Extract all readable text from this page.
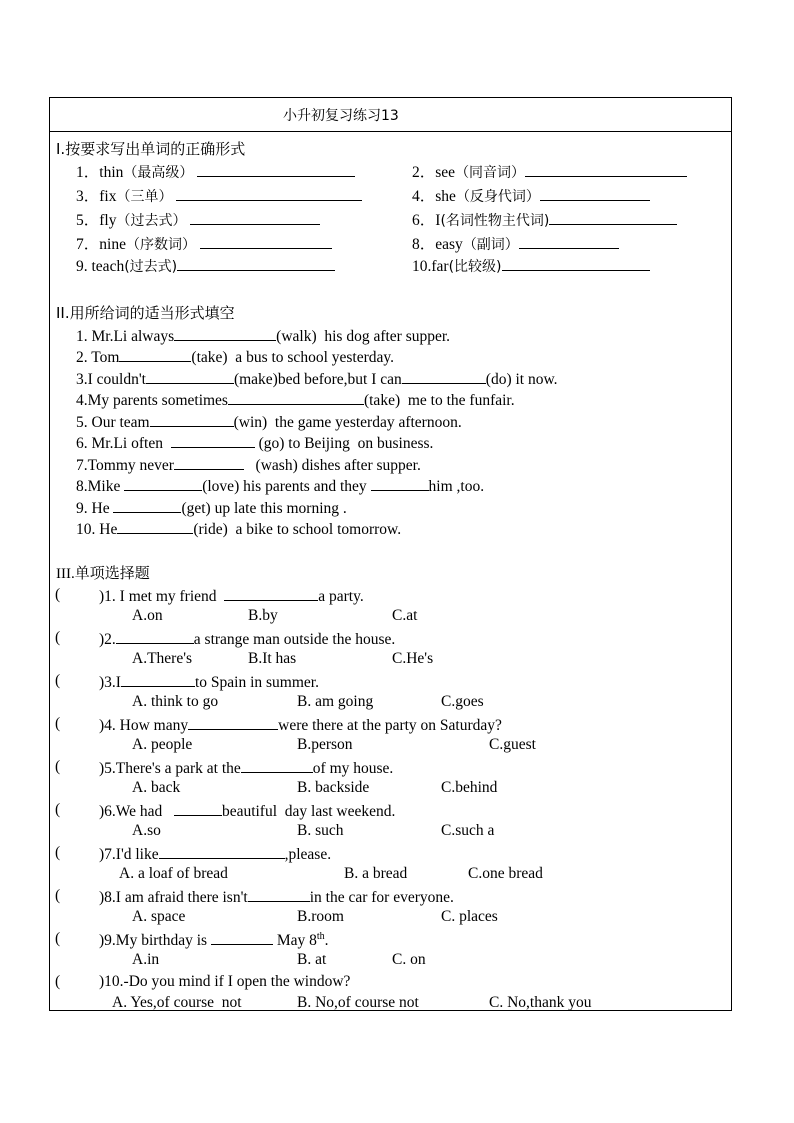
小升初复习练习13
I.按要求写出单词的正确形式
1．thin（最高级）	2．see（同音词）
3．fix（三单）	4．she（反身代词）
5．fly（过去式）	6．I(名词性物主代词)
7．nine（序数词）	8．easy（副词）
9. teach(过去式)	10.far(比较级)
II.用所给词的适当形式填空
1. Mr.Li always	(walk)  his dog after supper.
2. Tom	(take)  a bus to school yesterday.
3.I couldn't	(make)bed before,but I can	(do) it now.
4.My parents sometimes	(take)  me to the funfair.
5. Our team	(win)  the game yesterday afternoon.
6. Mr.Li often	(go) to Beijing  on business.
7.Tommy never	(wash) dishes after supper.
8.Mike	(love) his parents and they	him ,too.
9. He	(get) up late this morning .
10. He	(ride)  a bike to school tomorrow.
III.单项选择题
(	)1. I met my friend	a party.
A.on	B.by	C.at
(	)2.	a strange man outside the house.
A.There's	B.It has	C.He's
(	)3.I	to Spain in summer.
A. think to go	B. am going	C.goes
(	)4. How many	were there at the party on Saturday?
A. people	B.person	C.guest
(	)5.There's a park at the	of my house.
A. back	B. backside	C.behind
(	)6.We had	beautiful  day last weekend.
A.so	B. such	C.such a
(	)7.I'd like	,please.
A. a loaf of bread	B. a bread	C.one bread
(	)8.I am afraid there isn't	in the car for everyone.
A. space	B.room	C. places
(	)9.My birthday is	May 8th.
A.in	B. at	C. on
(	)10.-Do you mind if I open the window?
A. Yes,of course  not	B. No,of course not	C. No,thank you
